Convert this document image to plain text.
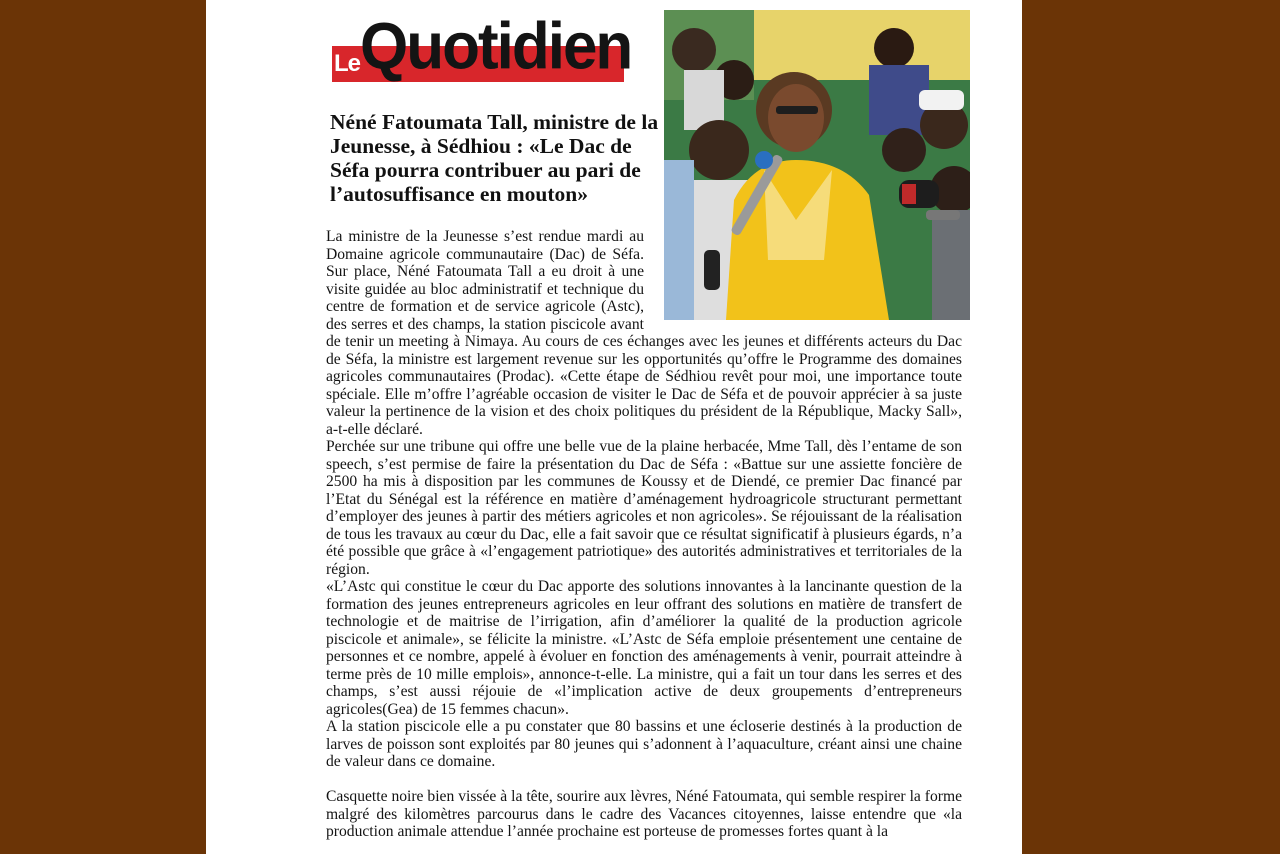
Le Quotidien
Néné Fatoumata Tall, ministre de la Jeunesse, à Sédhiou : «Le Dac de Séfa pourra contribuer au pari de l’autosuffisance en mouton»

La ministre de la Jeunesse s’est rendue mardi au Domaine agricole communautaire (Dac) de Séfa. Sur place, Néné Fatoumata Tall a eu droit à une visite guidée au bloc administratif et technique du centre de formation et de service agricole (Astc), des serres et des champs, la station piscicole avant de tenir un meeting à Nimaya. Au cours de ces échanges avec les jeunes et différents acteurs du Dac de Séfa, la ministre est largement revenue sur les opportunités qu’offre le Programme des domaines agricoles communautaires (Prodac). «Cette étape de Sédhiou revêt pour moi, une importance toute spéciale. Elle m’offre l’agréable occasion de visiter le Dac de Séfa et de pouvoir apprécier à sa juste valeur la pertinence de la vision et des choix politiques du président de la République, Macky Sall», a-t-elle déclaré.

Perchée sur une tribune qui offre une belle vue de la plaine herbacée, Mme Tall, dès l’entame de son speech, s’est permise de faire la présentation du Dac de Séfa : «Battue sur une assiette foncière de 2500 ha mis à disposition par les communes de Koussy et de Diendé, ce premier Dac financé par l’Etat du Sénégal est la référence en matière d’aménagement hydroagricole structurant permettant d’employer des jeunes à partir des métiers agricoles et non agricoles». Se réjouissant de la réalisation de tous les travaux au cœur du Dac, elle a fait savoir que ce résultat significatif à plusieurs égards, n’a été possible que grâce à «l’engagement patriotique» des autorités administratives et territoriales de la région.

«L’Astc qui constitue le cœur du Dac apporte des solutions innovantes à la lancinante question de la formation des jeunes entrepreneurs agricoles en leur offrant des solutions en matière de transfert de technologie et de maitrise de l’irrigation, afin d’améliorer la qualité de la production agricole piscicole et animale», se félicite la ministre. «L’Astc de Séfa emploie présentement une centaine de personnes et ce nombre, appelé à évoluer en fonction des aménagements à venir, pourrait atteindre à terme près de 10 mille emplois», annonce-t-elle. La ministre, qui a fait un tour dans les serres et des champs, s’est aussi réjouie de «l’implication active de deux groupements d’entrepreneurs agricoles(Gea) de 15 femmes chacun».

A la station piscicole elle a pu constater que 80 bassins et une écloserie destinés à la production de larves de poisson sont exploités par 80 jeunes qui s’adonnent à l’aquaculture, créant ainsi une chaine de valeur dans ce domaine.

Casquette noire bien vissée à la tête, sourire aux lèvres, Néné Fatoumata, qui semble respirer la forme malgré des kilomètres parcourus dans le cadre des Vacances citoyennes, laisse entendre que «la production animale attendue l’année prochaine est porteuse de promesses fortes quant à la
